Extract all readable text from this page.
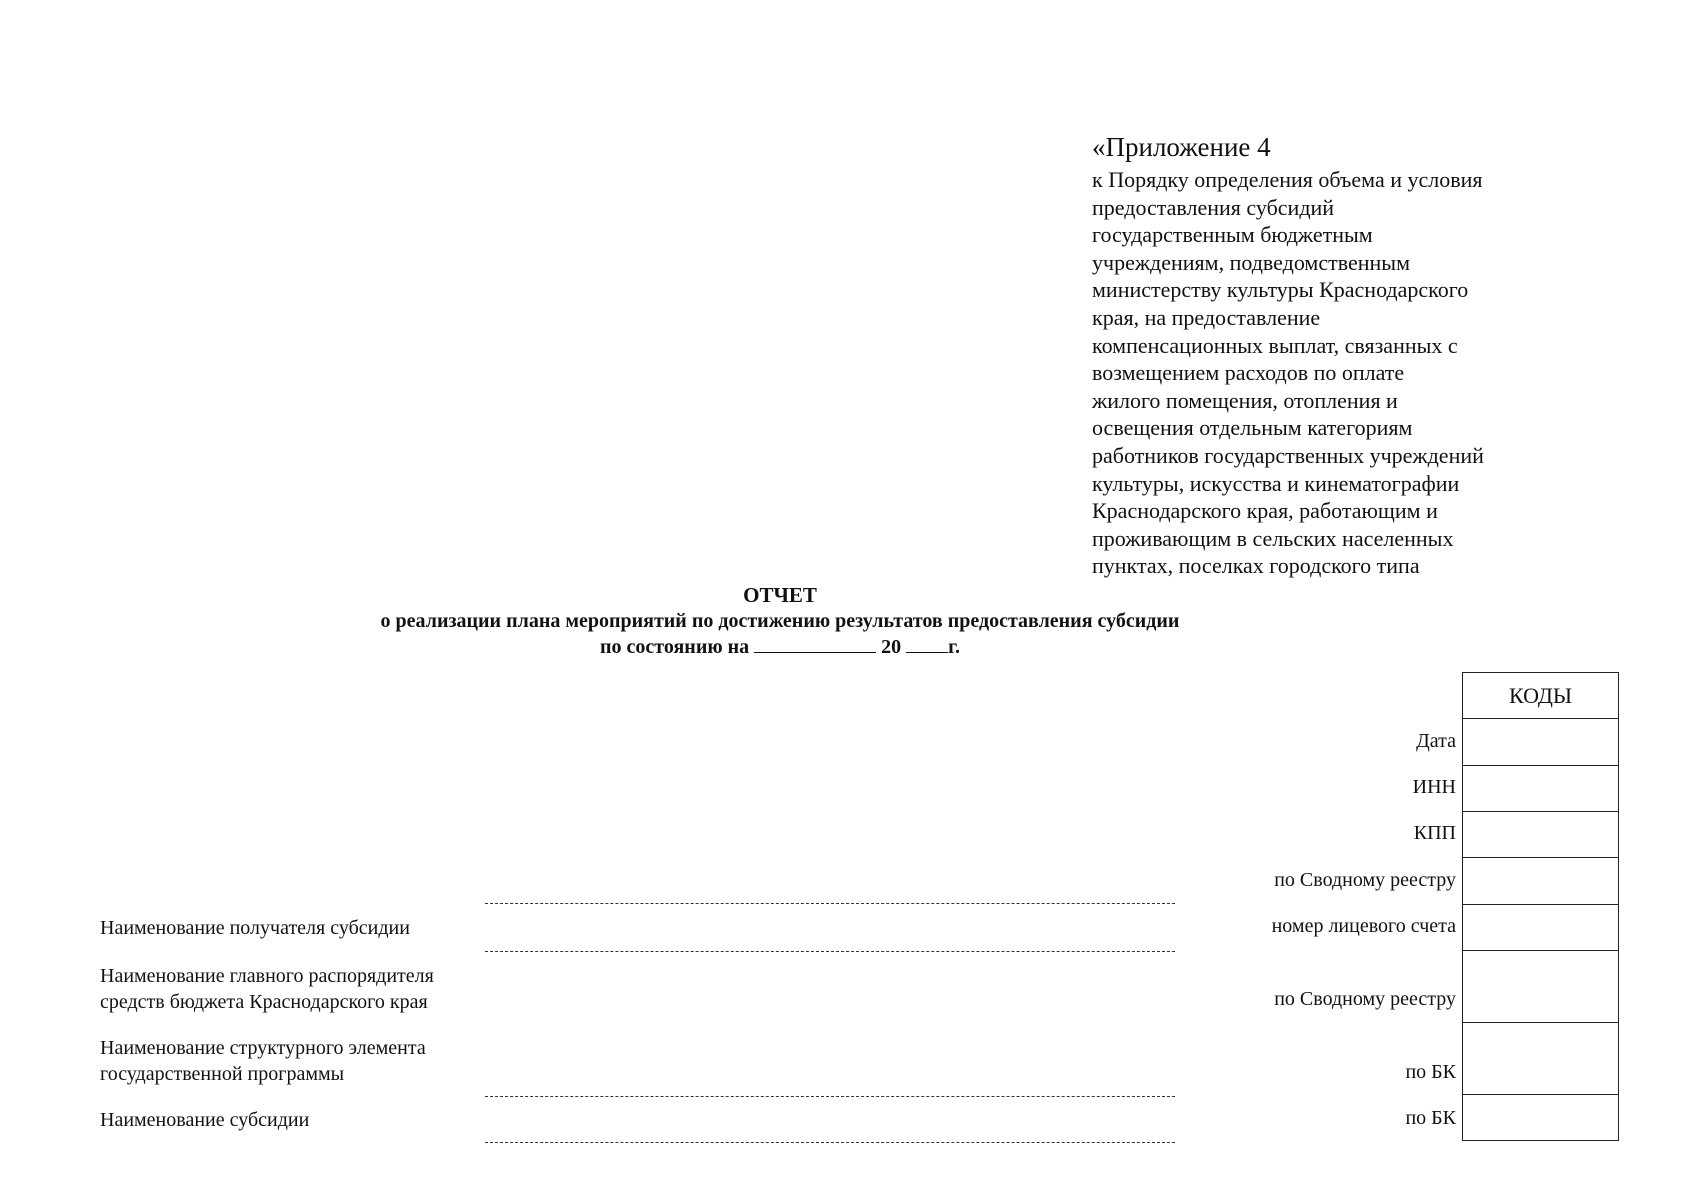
«Приложение 4
к Порядку определения объема и условия
предоставления субсидий
государственным бюджетным
учреждениям, подведомственным
министерству культуры Краснодарского
края, на предоставление
компенсационных выплат, связанных с
возмещением расходов по оплате
жилого помещения, отопления и
освещения отдельным категориям
работников государственных учреждений
культуры, искусства и кинематографии
Краснодарского края, работающим и
проживающим в сельских населенных
пунктах, поселках городского типа
ОТЧЕТ
о реализации плана мероприятий по достижению результатов предоставления субсидии
по состоянию на	20 г.
КОДЫ

Дата
ИНН
КПП
по Сводному реестру
номер лицевого счета
по Сводному реестру
по БК
по БК
Наименование получателя субсидии
Наименование главного распорядителя
средств бюджета Краснодарского края
Наименование структурного элемента
государственной программы
Наименование субсидии
